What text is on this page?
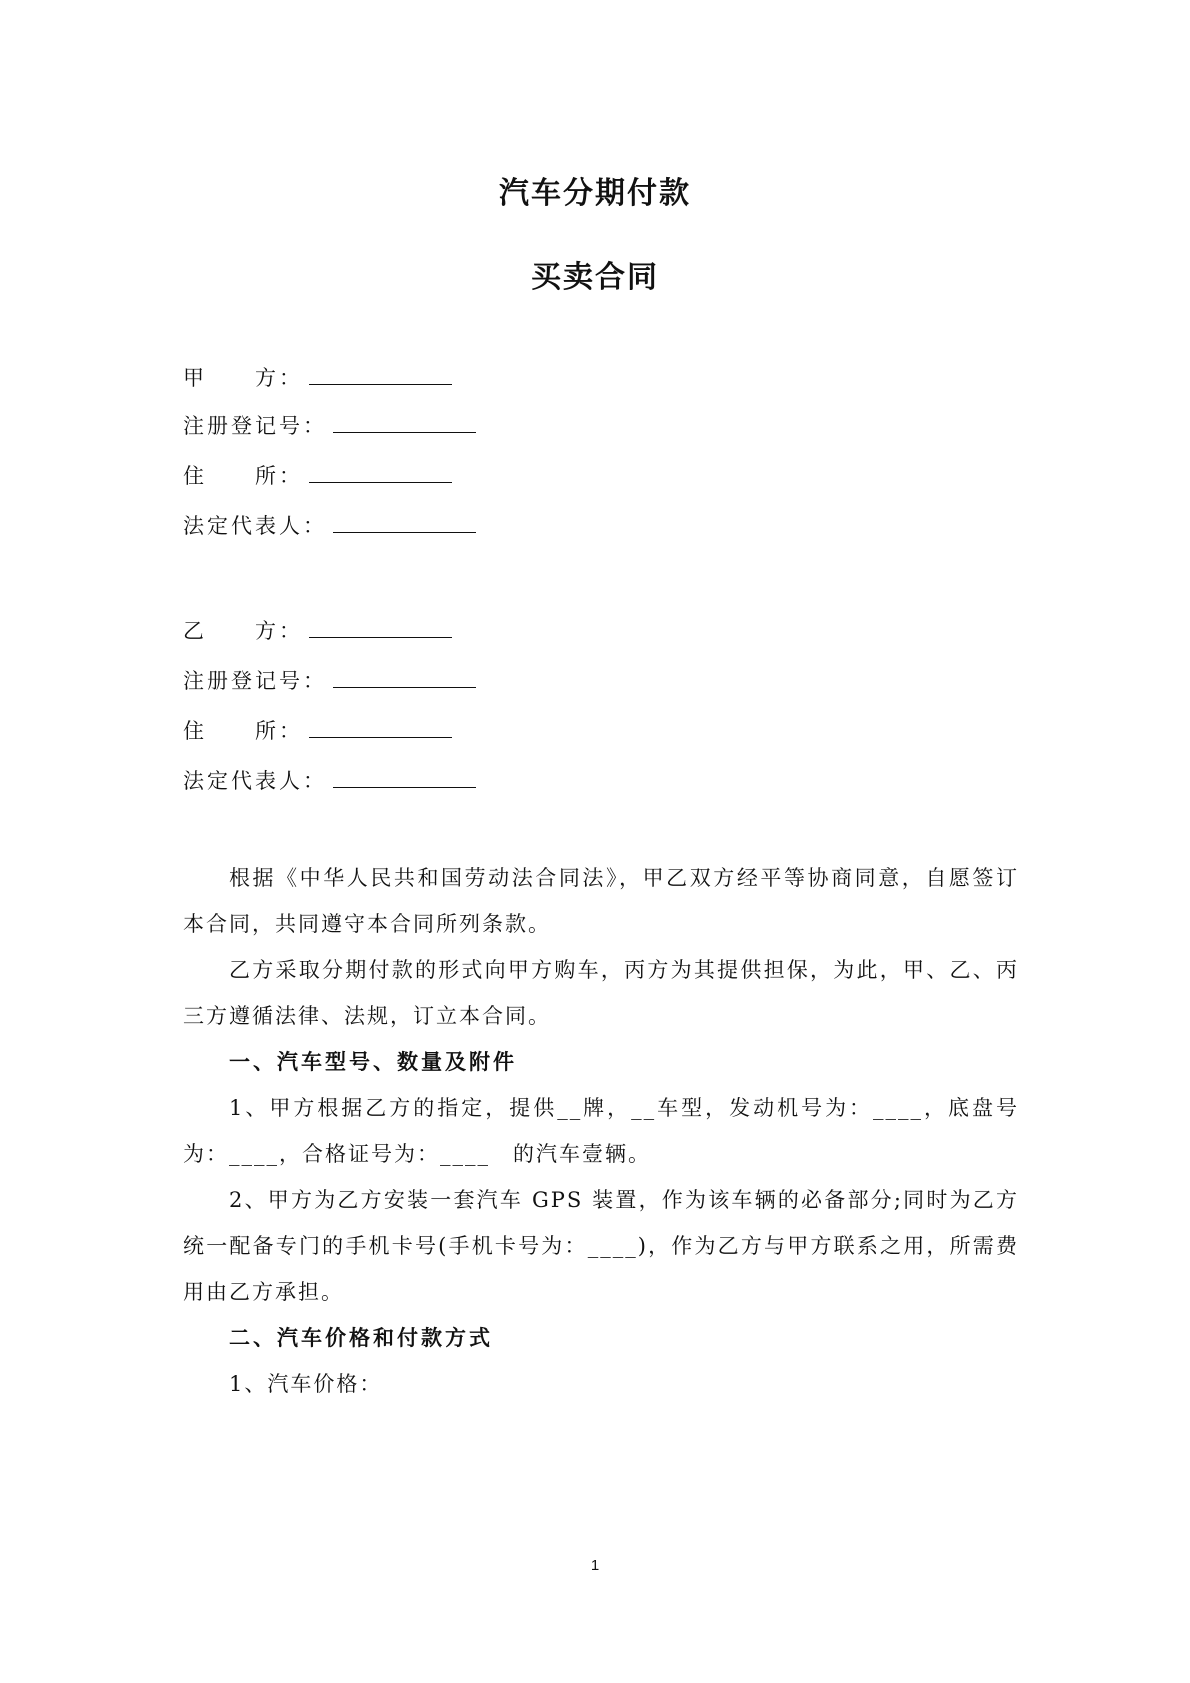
汽车分期付款
买卖合同
甲　　方：
注册登记号：
住　　所：
法定代表人：
乙　　方：
注册登记号：
住　　所：
法定代表人：

根据《中华人民共和国劳动法合同法》，甲乙双方经平等协商同意，自愿签订本合同，共同遵守本合同所列条款。

乙方采取分期付款的形式向甲方购车，丙方为其提供担保，为此，甲、乙、丙三方遵循法律、法规，订立本合同。

一、汽车型号、数量及附件

1、甲方根据乙方的指定，提供__牌，__车型，发动机号为：____，底盘号为：____，合格证号为：____　的汽车壹辆。

2、甲方为乙方安装一套汽车 GPS 装置，作为该车辆的必备部分;同时为乙方统一配备专门的手机卡号(手机卡号为：____)，作为乙方与甲方联系之用，所需费用由乙方承担。

二、汽车价格和付款方式

1、汽车价格：

1
